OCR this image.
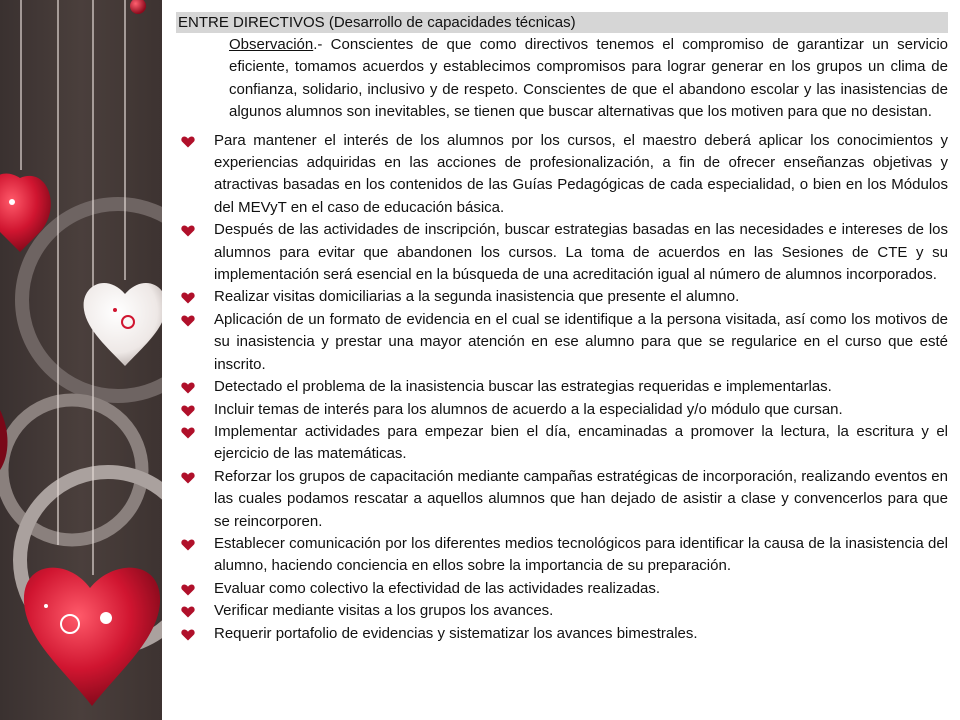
ENTRE DIRECTIVOS (Desarrollo de capacidades técnicas)
Observación.- Conscientes de que como directivos tenemos el compromiso de garantizar un servicio eficiente, tomamos acuerdos y establecimos compromisos para lograr generar en los grupos un clima de confianza, solidario, inclusivo y de respeto. Conscientes de que el abandono escolar y las inasistencias de algunos alumnos son inevitables, se tienen que buscar alternativas que los motiven para que no desistan.
Para mantener el interés de los alumnos por los cursos, el maestro deberá aplicar los conocimientos y experiencias adquiridas en las acciones de profesionalización, a fin de ofrecer enseñanzas objetivas y atractivas basadas en los contenidos de las Guías Pedagógicas de cada especialidad, o bien en los Módulos del MEVyT en el caso de educación básica.
Después de las actividades de inscripción, buscar estrategias basadas en las necesidades e intereses de los alumnos para evitar que abandonen los cursos. La toma de acuerdos en las Sesiones de CTE y su implementación será esencial en la búsqueda de una acreditación igual al número de alumnos incorporados.
Realizar visitas domiciliarias a la segunda inasistencia que presente el alumno.
Aplicación de un formato de evidencia en el cual se identifique a la persona visitada, así como los motivos de su inasistencia y prestar una mayor atención en ese alumno para que se regularice en el curso que esté inscrito.
Detectado el problema de la inasistencia buscar las estrategias requeridas e implementarlas.
Incluir temas de interés para los alumnos de acuerdo a la especialidad y/o módulo que cursan.
Implementar actividades para empezar bien el día, encaminadas a promover la lectura, la escritura y el ejercicio de las matemáticas.
Reforzar los grupos de capacitación mediante campañas estratégicas de incorporación, realizando eventos en las cuales podamos rescatar a aquellos alumnos que han dejado de asistir a clase y convencerlos para que se reincorporen.
Establecer comunicación por los diferentes medios tecnológicos para identificar la causa de la inasistencia del alumno, haciendo conciencia en ellos sobre la importancia de su preparación.
Evaluar como colectivo la efectividad de las actividades realizadas.
Verificar mediante visitas a los grupos los avances.
Requerir portafolio de evidencias y sistematizar los avances bimestrales.
